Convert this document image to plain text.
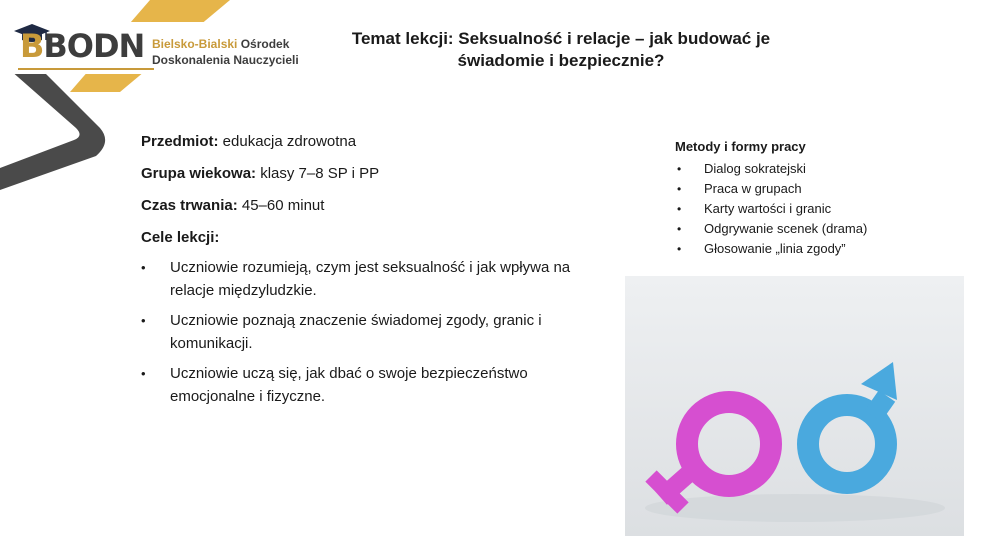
BBODN Bielsko-Bialski Ośrodek
Doskonalenia Nauczycieli
Temat lekcji: Seksualność i relacje – jak budować je
świadomie i bezpiecznie?

Przedmiot: edukacja zdrowotna

Grupa wiekowa: klasy 7–8 SP i PP

Czas trwania: 45–60 minut

Cele lekcji:

• Uczniowie rozumieją, czym jest seksualność i jak wpływa na
relacje międzyludzkie.
• Uczniowie poznają znaczenie świadomej zgody, granic i
komunikacji.
• Uczniowie uczą się, jak dbać o swoje bezpieczeństwo
emocjonalne i fizyczne.
Metody i formy pracy
• Dialog sokratejski
• Praca w grupach
• Karty wartości i granic
• Odgrywanie scenek (drama)
• Głosowanie „linia zgody”
